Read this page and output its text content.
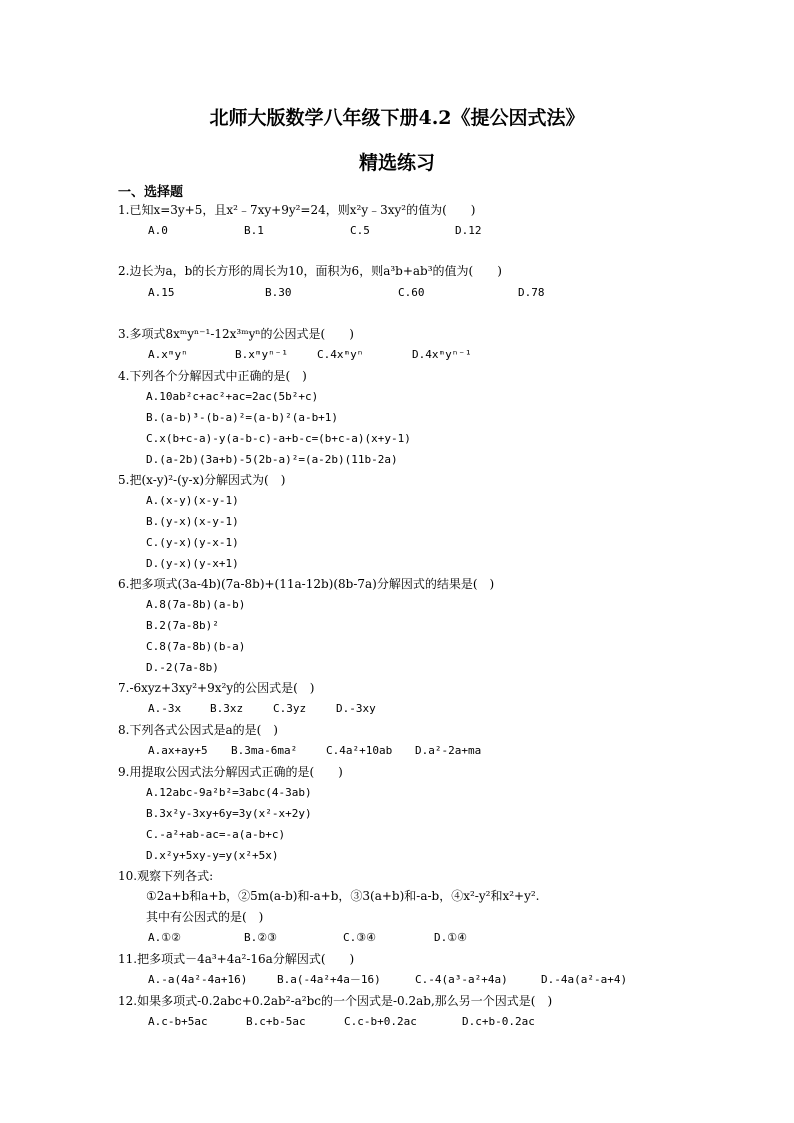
北师大版数学八年级下册4.2《提公因式法》
精选练习
一、选择题
1.已知x=3y+5，且x²﹣7xy+9y²=24，则x²y﹣3xy²的值为(　　)
A.0	B.1	C.5	D.12
2.边长为a，b的长方形的周长为10，面积为6，则a³b+ab³的值为(　　)
A.15	B.30	C.60	D.78
3.多项式8xᵐyⁿ⁻¹-12x³ᵐyⁿ的公因式是(　　)
A.xᵐyⁿ	B.xᵐyⁿ⁻¹	C.4xᵐyⁿ	D.4xᵐyⁿ⁻¹
4.下列各个分解因式中正确的是(　)
A.10ab²c+ac²+ac=2ac(5b²+c)
B.(a-b)³-(b-a)²=(a-b)²(a-b+1)
C.x(b+c-a)-y(a-b-c)-a+b-c=(b+c-a)(x+y-1)
D.(a-2b)(3a+b)-5(2b-a)²=(a-2b)(11b-2a)
5.把(x-y)²-(y-x)分解因式为(　)
A.(x-y)(x-y-1)
B.(y-x)(x-y-1)
C.(y-x)(y-x-1)
D.(y-x)(y-x+1)
6.把多项式(3a-4b)(7a-8b)+(11a-12b)(8b-7a)分解因式的结果是(　)
A.8(7a-8b)(a-b)
B.2(7a-8b)²
C.8(7a-8b)(b-a)
D.-2(7a-8b)
7.-6xyz+3xy²+9x²y的公因式是(　)
A.-3x	B.3xz	C.3yz	D.-3xy
8.下列各式公因式是a的是(　)
A.ax+ay+5 B.3ma-6ma²	C.4a²+10ab D.a²-2a+ma
9.用提取公因式法分解因式正确的是(　　)
A.12abc-9a²b²=3abc(4-3ab)
B.3x²y-3xy+6y=3y(x²-x+2y)
C.-a²+ab-ac=-a(a-b+c)
D.x²y+5xy-y=y(x²+5x)
10.观察下列各式:
①2a+b和a+b，②5m(a-b)和-a+b，③3(a+b)和-a-b，④x²-y²和x²+y².
其中有公因式的是(　)
A.①②	B.②③	C.③④	D.①④
11.把多项式－4a³+4a²-16a分解因式(　　)
A.-a(4a²-4a+16)	B.a(-4a²+4a－16)	C.-4(a³-a²+4a)	D.-4a(a²-a+4)
12.如果多项式-0.2abc+0.2ab²-a²bc的一个因式是-0.2ab,那么另一个因式是(　)
A.c-b+5ac	B.c+b-5ac	C.c-b+0.2ac	D.c+b-0.2ac
